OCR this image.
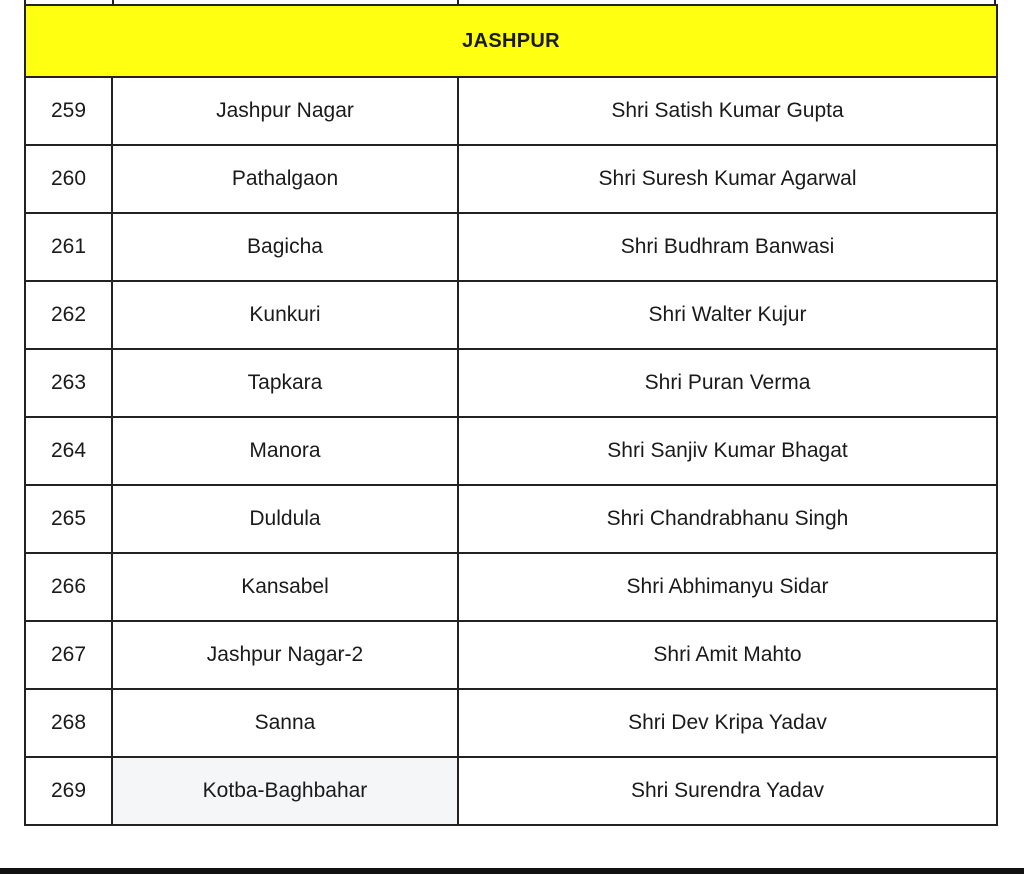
JASHPUR		
259	Jashpur Nagar	Shri Satish Kumar Gupta
260	Pathalgaon	Shri Suresh Kumar Agarwal
261	Bagicha	Shri Budhram Banwasi
262	Kunkuri	Shri Walter Kujur
263	Tapkara	Shri Puran Verma
264	Manora	Shri Sanjiv Kumar Bhagat
265	Duldula	Shri Chandrabhanu Singh
266	Kansabel	Shri Abhimanyu Sidar
267	Jashpur Nagar-2	Shri Amit Mahto
268	Sanna	Shri Dev Kripa Yadav
269	Kotba-Baghbahar	Shri Surendra Yadav
